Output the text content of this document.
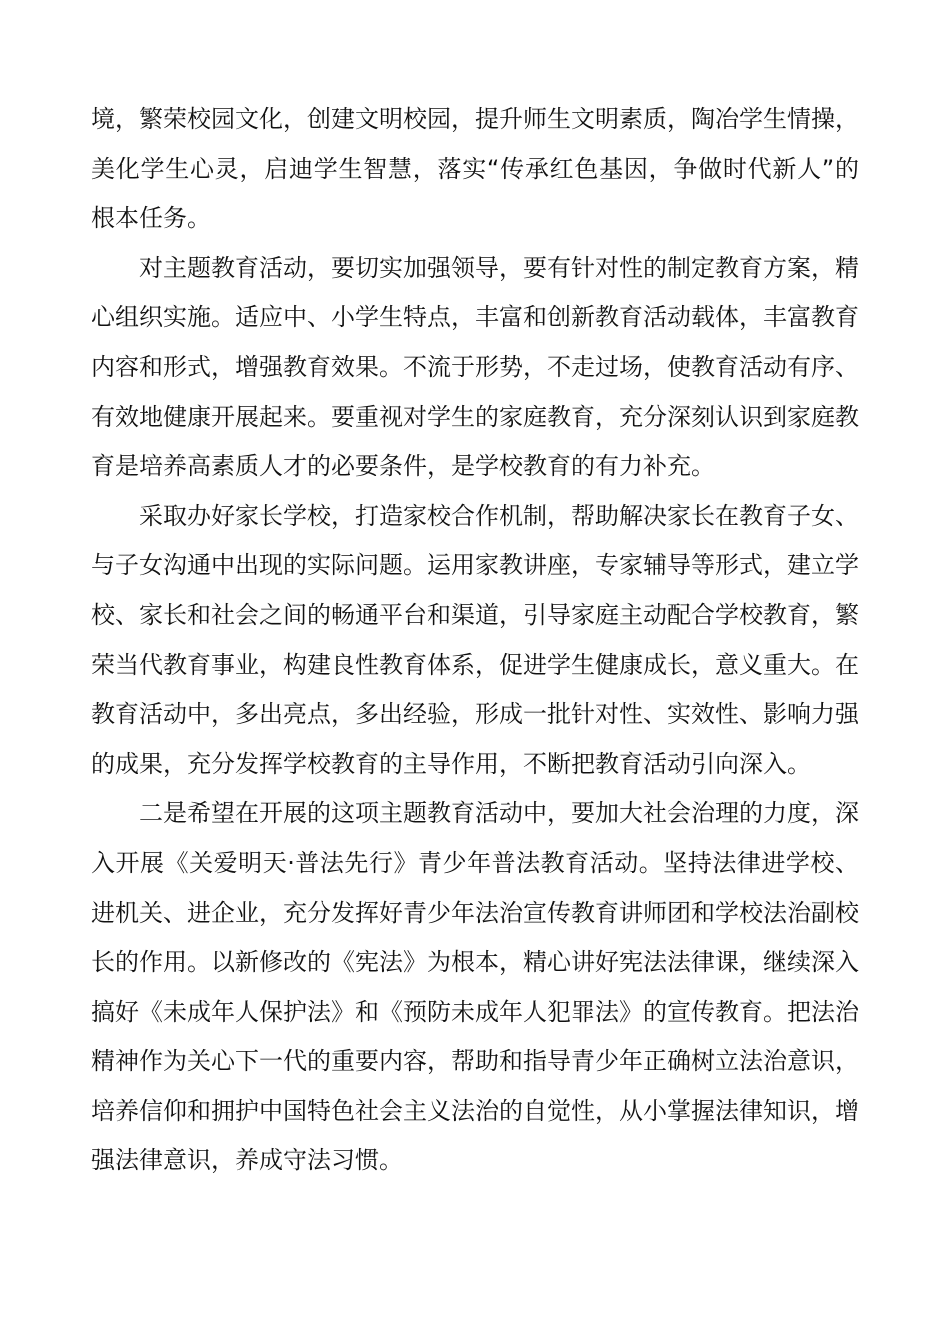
境，繁荣校园文化，创建文明校园，提升师生文明素质，陶冶学生情操，美化学生心灵，启迪学生智慧，落实“传承红色基因，争做时代新人”的根本任务。

对主题教育活动，要切实加强领导，要有针对性的制定教育方案，精心组织实施。适应中、小学生特点，丰富和创新教育活动载体，丰富教育内容和形式，增强教育效果。不流于形势，不走过场，使教育活动有序、有效地健康开展起来。要重视对学生的家庭教育，充分深刻认识到家庭教育是培养高素质人才的必要条件，是学校教育的有力补充。

采取办好家长学校，打造家校合作机制，帮助解决家长在教育子女、与子女沟通中出现的实际问题。运用家教讲座，专家辅导等形式，建立学校、家长和社会之间的畅通平台和渠道，引导家庭主动配合学校教育，繁荣当代教育事业，构建良性教育体系，促进学生健康成长，意义重大。在教育活动中，多出亮点，多出经验，形成一批针对性、实效性、影响力强的成果，充分发挥学校教育的主导作用，不断把教育活动引向深入。

二是希望在开展的这项主题教育活动中，要加大社会治理的力度，深入开展《关爱明天·普法先行》青少年普法教育活动。坚持法律进学校、进机关、进企业，充分发挥好青少年法治宣传教育讲师团和学校法治副校长的作用。以新修改的《宪法》为根本，精心讲好宪法法律课，继续深入搞好《未成年人保护法》和《预防未成年人犯罪法》的宣传教育。把法治精神作为关心下一代的重要内容，帮助和指导青少年正确树立法治意识，培养信仰和拥护中国特色社会主义法治的自觉性，从小掌握法律知识，增强法律意识，养成守法习惯。
